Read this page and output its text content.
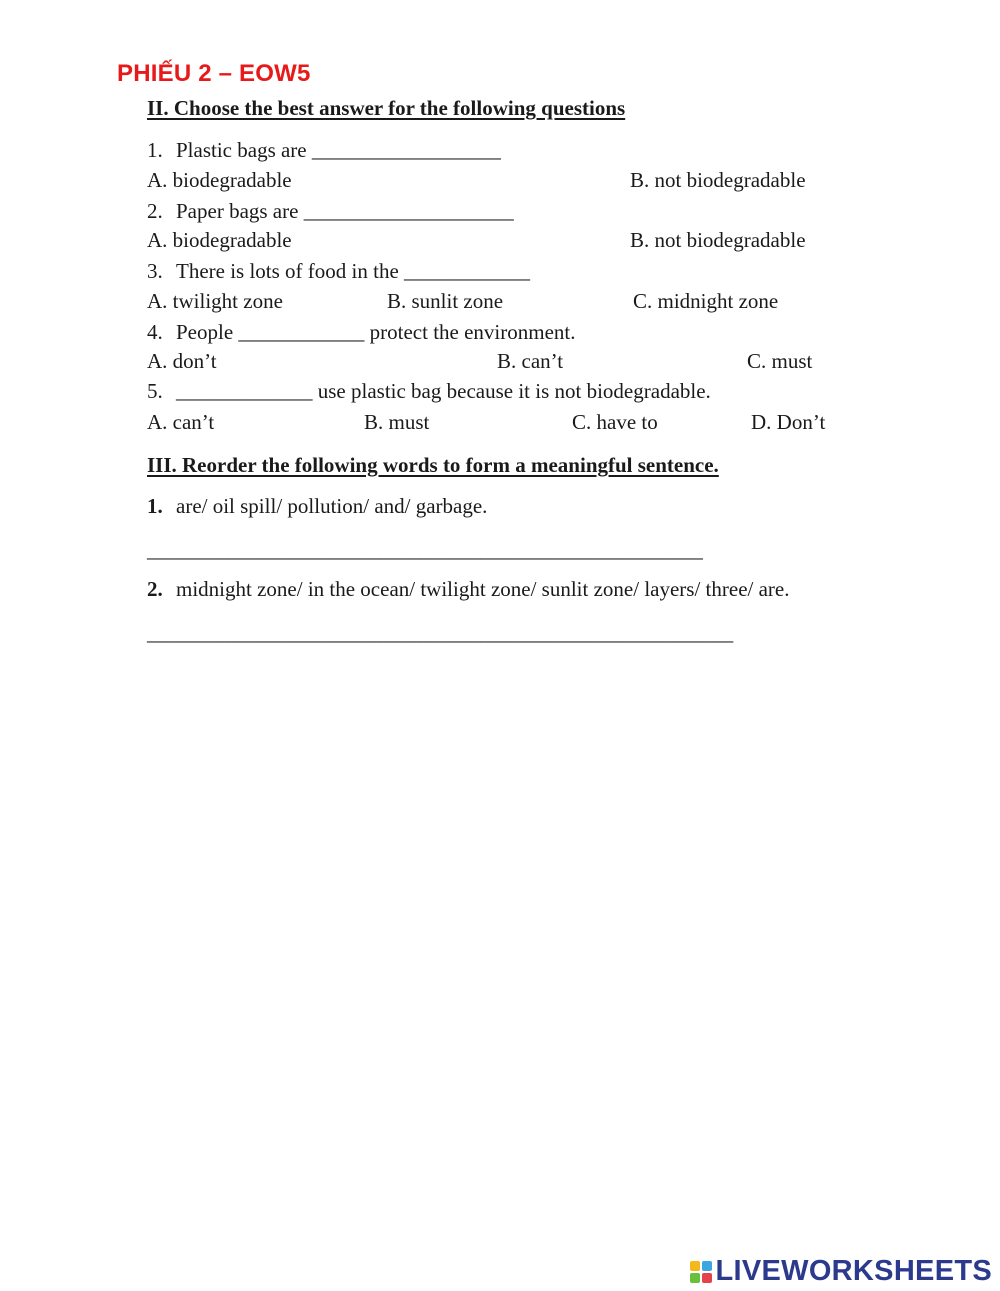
PHIẾU 2 – EOW5
II. Choose the best answer for the following questions
1. Plastic bags are __________________
A. biodegradable	B. not biodegradable
2. Paper bags are ____________________
A. biodegradable	B. not biodegradable
3. There is lots of food in the ____________
A. twilight zone	B. sunlit zone	C. midnight zone
4. People ____________ protect the environment.
A. don’t	B. can’t	C. must
5. _____________ use plastic bag because it is not biodegradable.
A. can’t	B. must	C. have to	D. Don’t
III. Reorder the following words to form a meaningful sentence.
1. are/ oil spill/ pollution/ and/ garbage.
_______________________________________________________
2. midnight zone/ in the ocean/ twilight zone/ sunlit zone/ layers/ three/ are.
__________________________________________________________
LIVEWORKSHEETS
